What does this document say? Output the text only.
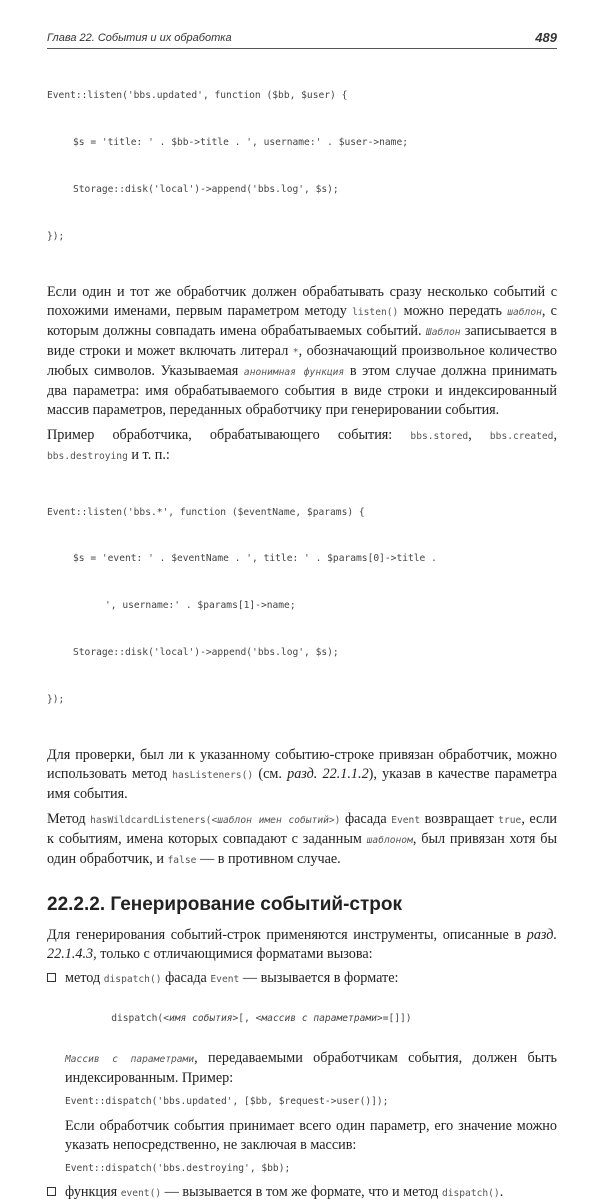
Глава 22. События и их обработка	489

Event::listen('bbs.updated', function ($bb, $user) {

$s = 'title: ' . $bb->title . ', username:' . $user->name;

Storage::disk('local')->append('bbs.log', $s);

});

Если один и тот же обработчик должен обрабатывать сразу несколько событий с похожими именами, первым параметром методу listen() можно передать шаблон, с которым должны совпадать имена обрабатываемых событий. Шаблон записывается в виде строки и может включать литерал *, обозначающий произвольное количество любых символов. Указываемая анонимная функция в этом случае должна принимать два параметра: имя обрабатываемого события в виде строки и индексированный массив параметров, переданных обработчику при генерировании события.

Пример обработчика, обрабатывающего события: bbs.stored, bbs.created, bbs.destroying и т. п.:

Event::listen('bbs.*', function ($eventName, $params) {

$s = 'event: ' . $eventName . ', title: ' . $params[0]->title .

', username:' . $params[1]->name;

Storage::disk('local')->append('bbs.log', $s);

});

Для проверки, был ли к указанному событию-строке привязан обработчик, можно использовать метод hasListeners() (см. разд. 22.1.1.2), указав в качестве параметра имя события.

Метод hasWildcardListeners(<шаблон имен событий>) фасада Event возвращает true, если к событиям, имена которых совпадают с заданным шаблоном, был привязан хотя бы один обработчик, и false — в противном случае.

22.2.2. Генерирование событий-строк

Для генерирования событий-строк применяются инструменты, описанные в разд. 22.1.4.3, только с отличающимися форматами вызова:

метод dispatch() фасада Event — вызывается в формате:

dispatch(<имя события>[, <массив с параметрами>=[]])

Массив с параметрами, передаваемыми обработчикам события, должен быть индексированным. Пример:

Event::dispatch('bbs.updated', [$bb, $request->user()]);

Если обработчик события принимает всего один параметр, его значение можно указать непосредственно, не заключая в массив:

Event::dispatch('bbs.destroying', $bb);

функция event() — вызывается в том же формате, что и метод dispatch().
